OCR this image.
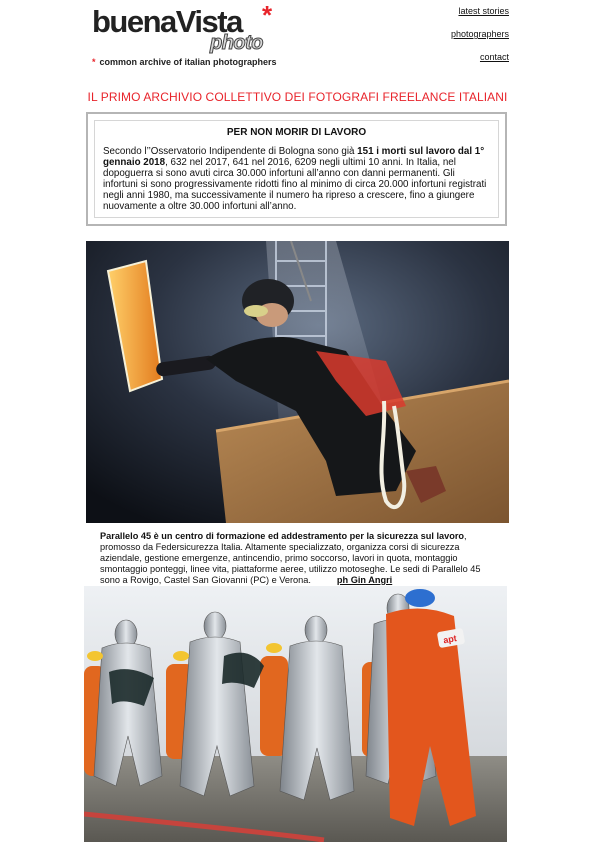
buenaVista *
photo
* common archive of italian photographers
latest stories
photographers
contact
IL PRIMO ARCHIVIO COLLETTIVO DEI FOTOGRAFI FREELANCE ITALIANI
PER NON MORIR DI LAVORO

Secondo l’’Osservatorio Indipendente di Bologna sono già 151 i morti sul lavoro dal 1° gennaio 2018, 632 nel 2017, 641 nel 2016, 6209 negli ultimi 10 anni. In Italia, nel dopoguerra si sono avuti circa 30.000 infortuni all’anno con danni permanenti. Gli infortuni si sono progressivamente ridotti fino al minimo di circa 20.000 infortuni registrati negli anni 1980, ma successivamente il numero ha ripreso a crescere, fino a giungere nuovamente a oltre 30.000 infortuni all’anno.

Parallelo 45 è un centro di formazione ed addestramento per la sicurezza sul lavoro, promosso da Federsicurezza Italia. Altamente specializzato, organizza corsi di sicurezza aziendale, gestione emergenze, antincendio, primo soccorso, lavori in quota, montaggio smontaggio ponteggi, linee vita, piattaforme aeree, utilizzo motoseghe. Le sedi di Parallelo 45 sono a Rovigo, Castel San Giovanni (PC) e Verona.	ph Gin Angri
apt
